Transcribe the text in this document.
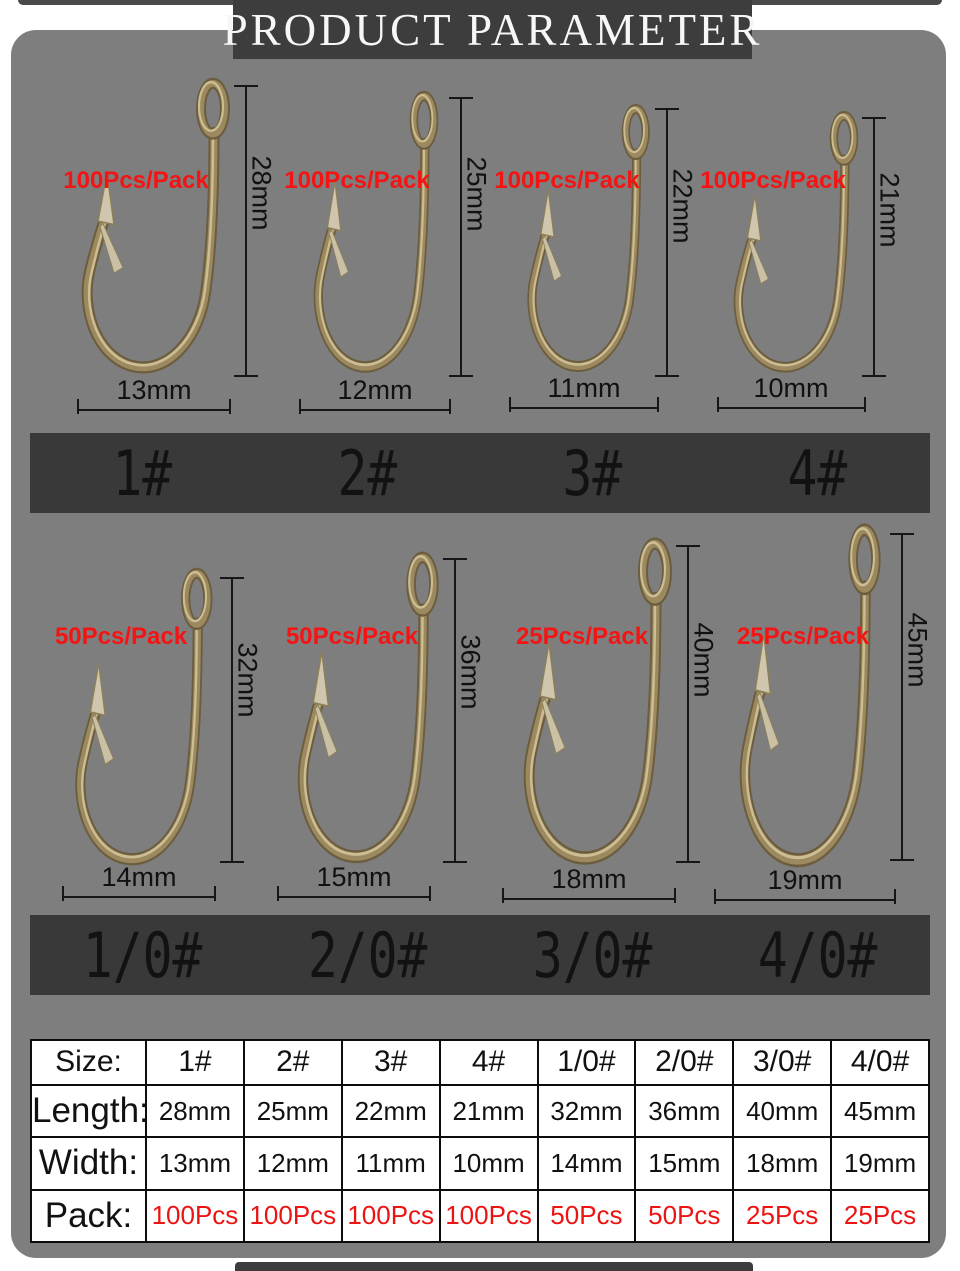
PRODUCT PARAMETER
100Pcs/Pack 28mm
13mm
100Pcs/Pack 25mm
12mm
100Pcs/Pack 22mm
11mm
100Pcs/Pack 21mm
10mm
1#	2#	3#	4#
50Pcs/Pack
32mm
14mm
50Pcs/Pack 36mm
15mm
25Pcs/Pack 40mm
18mm
25Pcs/Pack 45mm
19mm
1/0# 2/0# 3/0# 4/0#
Size:	1#	2#	3#	4#	1/0#	2/0#	3/0#	4/0#
Length:	28mm	25mm	22mm	21mm	32mm	36mm	40mm	45mm
Width:	13mm	12mm	11mm	10mm	14mm	15mm	18mm	19mm
Pack:	100Pcs	100Pcs	100Pcs	100Pcs	50Pcs	50Pcs	25Pcs	25Pcs
